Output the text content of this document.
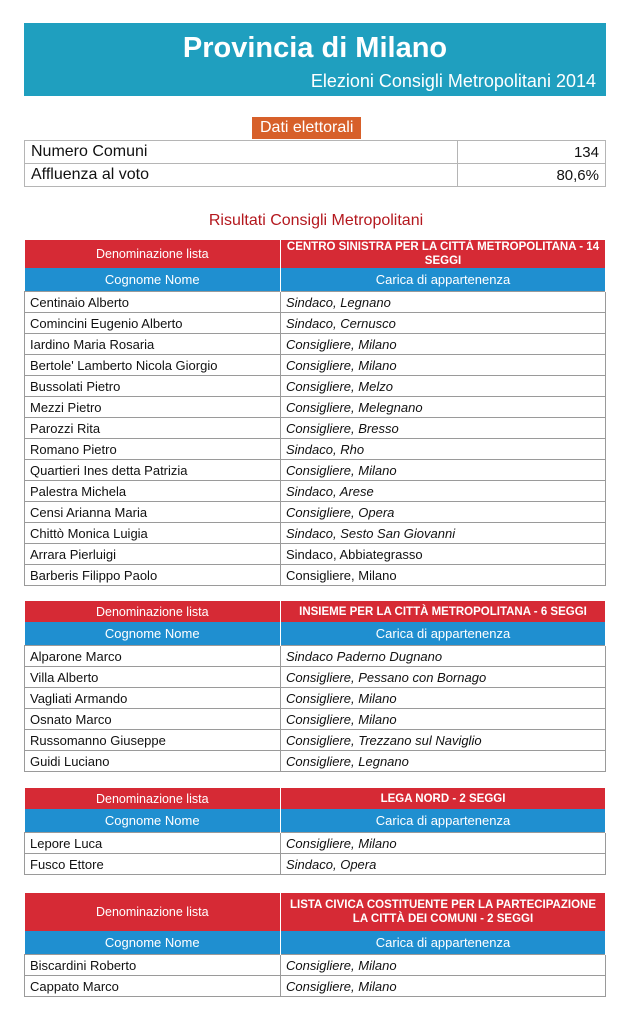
Provincia di Milano
Elezioni Consigli Metropolitani 2014
Dati elettorali
Numero Comuni	134
Affluenza al voto	80,6%
Risultati Consigli Metropolitani
Denominazione lista	CENTRO SINISTRA PER LA CITTÀ METROPOLITANA - 14 SEGGI
Cognome Nome	Carica di appartenenza
Centinaio Alberto	Sindaco, Legnano
Comincini Eugenio Alberto	Sindaco, Cernusco
Iardino Maria Rosaria	Consigliere, Milano
Bertole' Lamberto Nicola Giorgio	Consigliere, Milano
Bussolati Pietro	Consigliere, Melzo
Mezzi Pietro	Consigliere, Melegnano
Parozzi Rita	Consigliere, Bresso
Romano Pietro	Sindaco, Rho
Quartieri Ines detta Patrizia	Consigliere, Milano
Palestra Michela	Sindaco, Arese
Censi Arianna Maria	Consigliere, Opera
Chittò Monica Luigia	Sindaco, Sesto San Giovanni
Arrara Pierluigi	Sindaco, Abbiategrasso
Barberis Filippo Paolo	Consigliere, Milano
Denominazione lista	INSIEME PER LA CITTÀ METROPOLITANA - 6 SEGGI
Cognome Nome	Carica di appartenenza
Alparone Marco	Sindaco Paderno Dugnano
Villa Alberto	Consigliere, Pessano con Bornago
Vagliati Armando	Consigliere, Milano
Osnato Marco	Consigliere, Milano
Russomanno Giuseppe	Consigliere, Trezzano sul Naviglio
Guidi Luciano	Consigliere, Legnano
Denominazione lista	LEGA NORD - 2 SEGGI
Cognome Nome	Carica di appartenenza
Lepore Luca	Consigliere, Milano
Fusco Ettore	Sindaco, Opera
Denominazione lista	LISTA CIVICA COSTITUENTE PER LA PARTECIPAZIONE LA CITTÀ DEI COMUNI - 2 SEGGI
Cognome Nome	Carica di appartenenza
Biscardini Roberto	Consigliere, Milano
Cappato Marco	Consigliere, Milano
